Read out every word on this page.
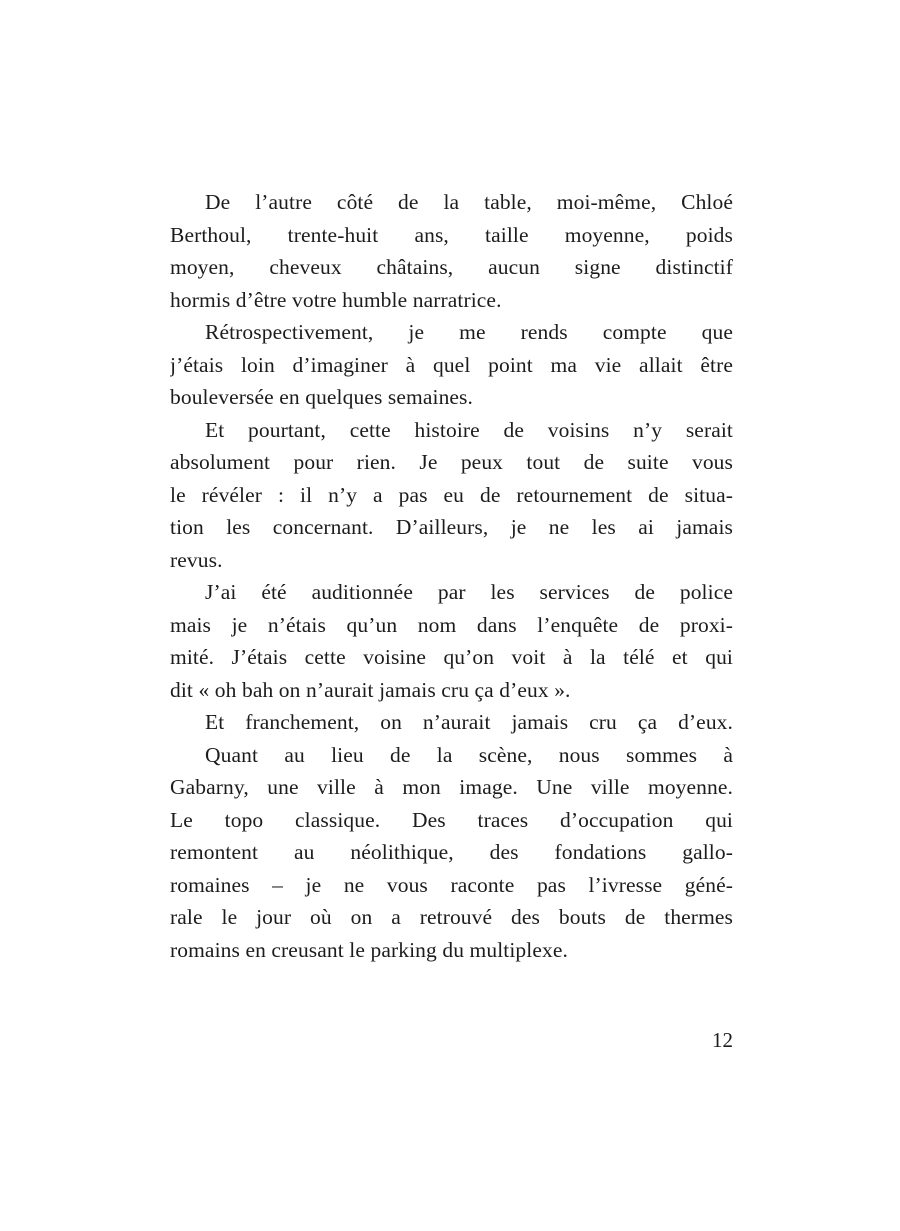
De l’autre côté de la table, moi-même, Chloé
Berthoul, trente-huit ans, taille moyenne, poids
moyen, cheveux châtains, aucun signe distinctif
hormis d’être votre humble narratrice.
Rétrospectivement, je me rends compte que
j’étais loin d’imaginer à quel point ma vie allait être
bouleversée en quelques semaines.
Et pourtant, cette histoire de voisins n’y serait
absolument pour rien. Je peux tout de suite vous
le révéler : il n’y a pas eu de retournement de situa-
tion les concernant. D’ailleurs, je ne les ai jamais
revus.
J’ai été auditionnée par les services de police
mais je n’étais qu’un nom dans l’enquête de proxi-
mité. J’étais cette voisine qu’on voit à la télé et qui
dit « oh bah on n’aurait jamais cru ça d’eux ».
Et franchement, on n’aurait jamais cru ça d’eux.
Quant au lieu de la scène, nous sommes à
Gabarny, une ville à mon image. Une ville moyenne.
Le topo classique. Des traces d’occupation qui
remontent au néolithique, des fondations gallo-
romaines – je ne vous raconte pas l’ivresse géné-
rale le jour où on a retrouvé des bouts de thermes
romains en creusant le parking du multiplexe.
12
